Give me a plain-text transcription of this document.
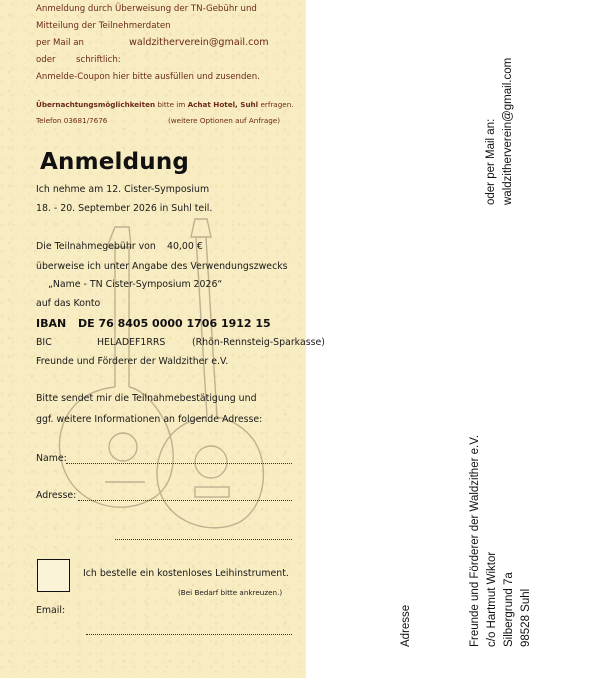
Anmeldung durch Überweisung der TN-Gebühr und
Mitteilung der Teilnehmerdaten
per Mail an	waldzitherverein@gmail.com
oder schriftlich:
Anmelde-Coupon hier bitte ausfüllen und zusenden.
Übernachtungsmöglichkeiten bitte im Achat Hotel, Suhl erfragen.
Telefon 03681/7676	(weitere Optionen auf Anfrage)
Anmeldung
Ich nehme am 12. Cister-Symposium
18. - 20. September 2026 in Suhl teil.
Die Teilnahmegebühr von 40,00 €
überweise ich unter Angabe des Verwendungszwecks
„Name - TN Cister-Symposium 2026“
auf das Konto
IBAN DE 76 8405 0000 1706 1912 15
BIC	HELADEF1RRS	(Rhön-Rennsteig-Sparkasse)
Freunde und Förderer der Waldzither e.V.
Bitte sendet mir die Teilnahmebestätigung und
ggf. weitere Informationen an folgende Adresse:
Name:
Adresse:
Ich bestelle ein kostenloses Leihinstrument.
(Bei Bedarf bitte ankreuzen.)
Email:
oder per Mail an: waldzitherverein@gmail.com
Adresse	Freunde und Förderer der Waldzither e.V. c/o Hartmut Wiktor Silbergrund 7a 98528 Suhl
